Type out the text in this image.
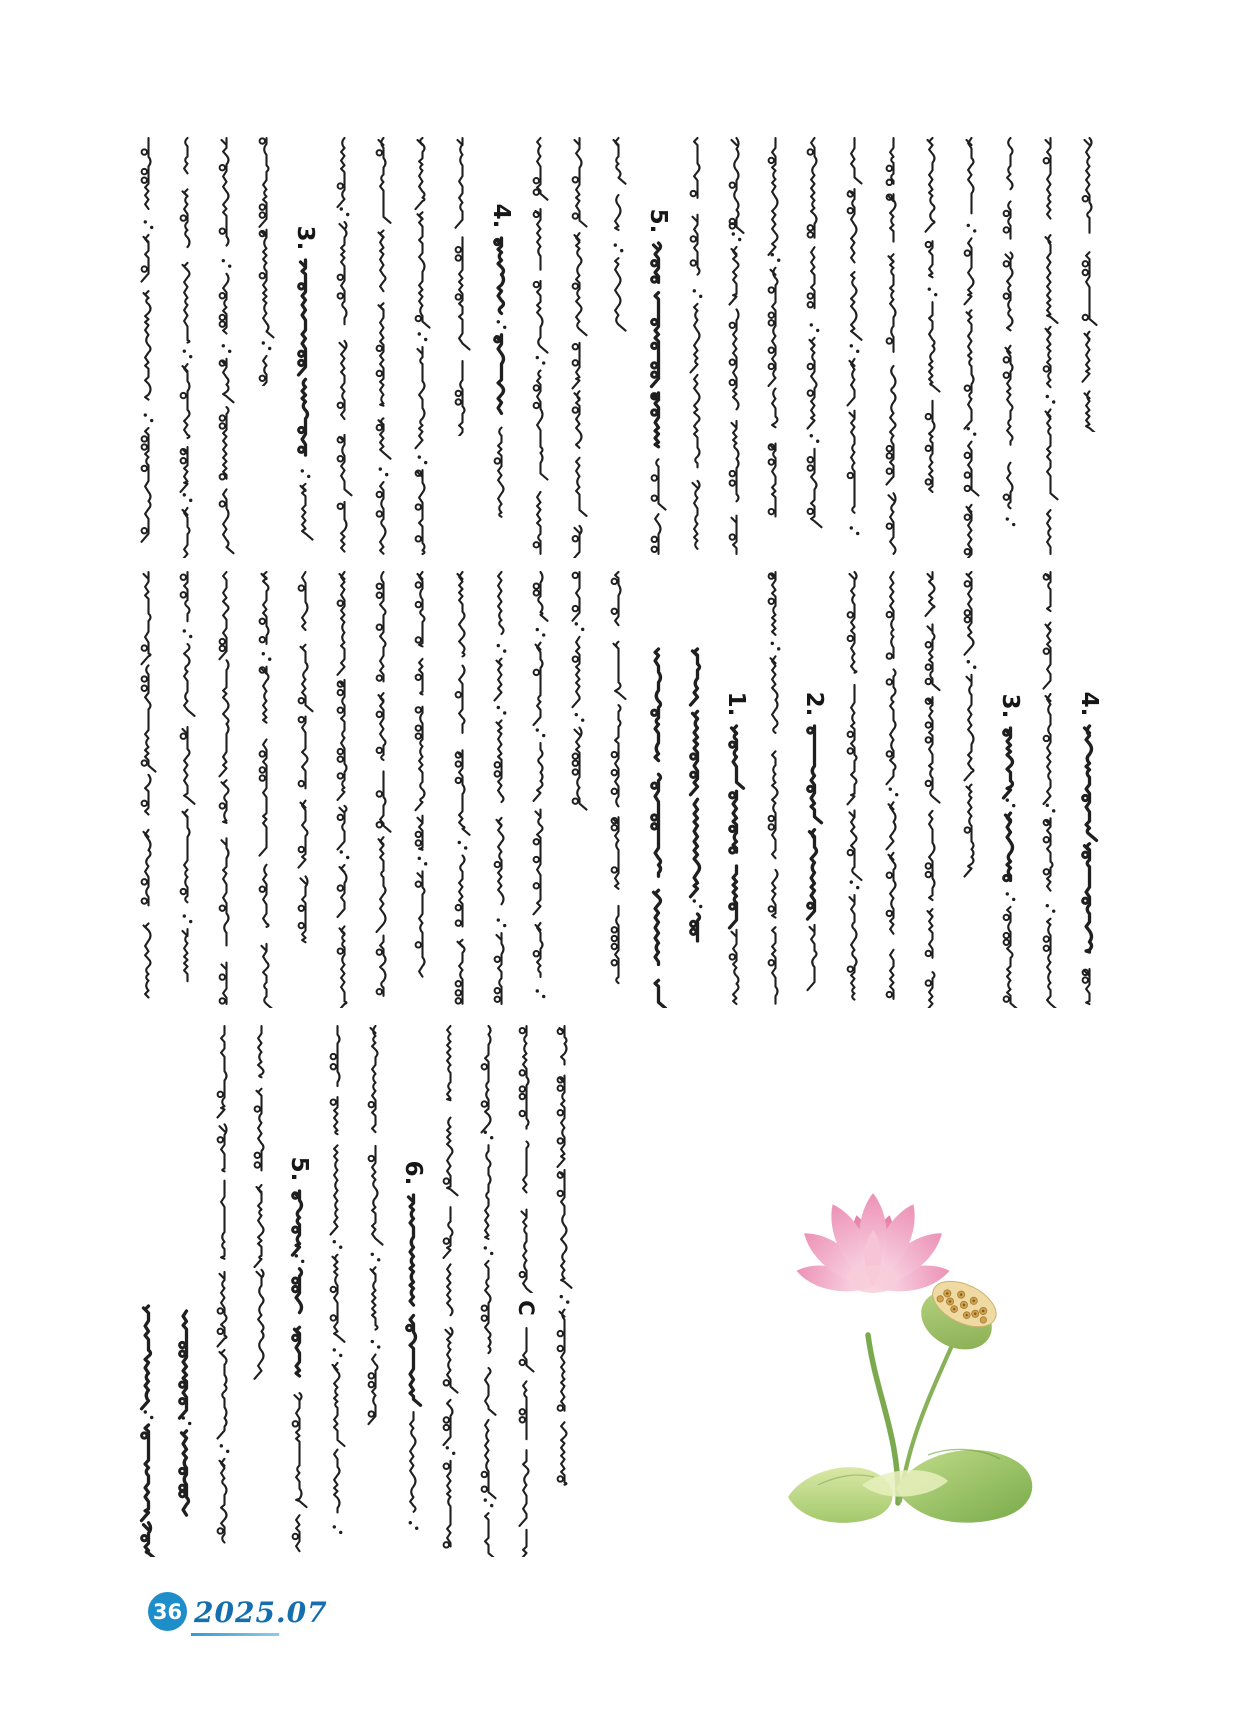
3.
4.	5.
1. 2.	3. 4.
5.	6.
C
36 2025.07
